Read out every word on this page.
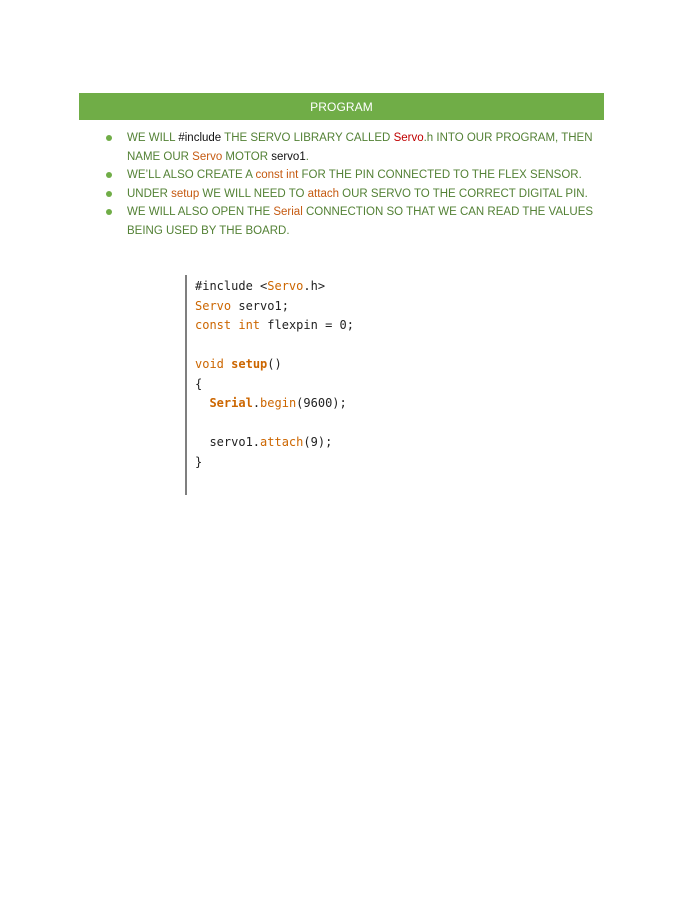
PROGRAM
WE WILL #include THE SERVO LIBRARY CALLED Servo.h INTO OUR PROGRAM, THEN NAME OUR Servo MOTOR servo1.
WE’LL ALSO CREATE A const int FOR THE PIN CONNECTED TO THE FLEX SENSOR.
UNDER setup WE WILL NEED TO attach OUR SERVO TO THE CORRECT DIGITAL PIN.
WE WILL ALSO OPEN THE Serial CONNECTION SO THAT WE CAN READ THE VALUES BEING USED BY THE BOARD.
#include <Servo.h>
Servo servo1;
const int flexpin = 0;

void setup()
{
Serial.begin(9600);

servo1.attach(9);
}
